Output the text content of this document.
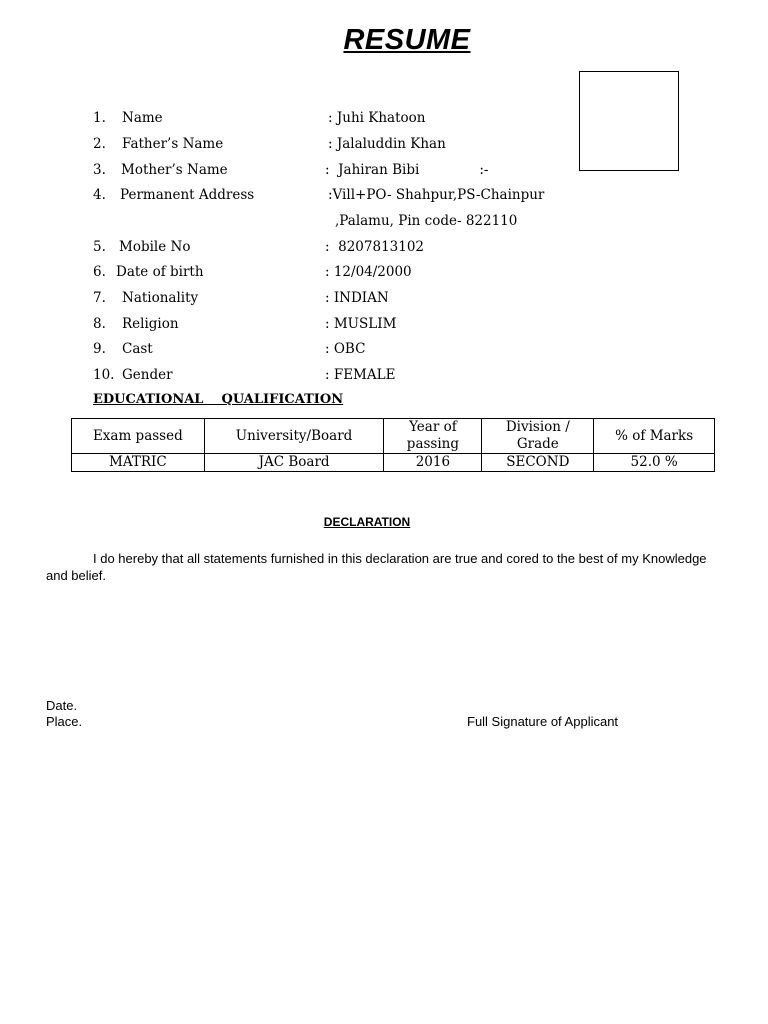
RESUME
1. Name	: Juhi Khatoon
2. Father’s Name	: Jalaluddin Khan
3. Mother’s Name	:  Jahiran Bibi              :-
4. Permanent Address	:Vill+PO- Shahpur,PS-Chainpur
,Palamu, Pin code- 822110
5. Mobile No	:  8207813102
6. Date of birth	: 12/04/2000
7. Nationality	: INDIAN
8. Religion	: MUSLIM
9. Cast	: OBC
10. Gender	: FEMALE
EDUCATIONAL    QUALIFICATION
Exam passed	University/Board	Year of passing	Division / Grade	% of Marks
MATRIC	JAC Board	2016	SECOND	52.0 %
DECLARATION
I do hereby that all statements furnished in this declaration are true and cored to the best of my Knowledge and belief.
Date.
Place.	Full Signature of Applicant
